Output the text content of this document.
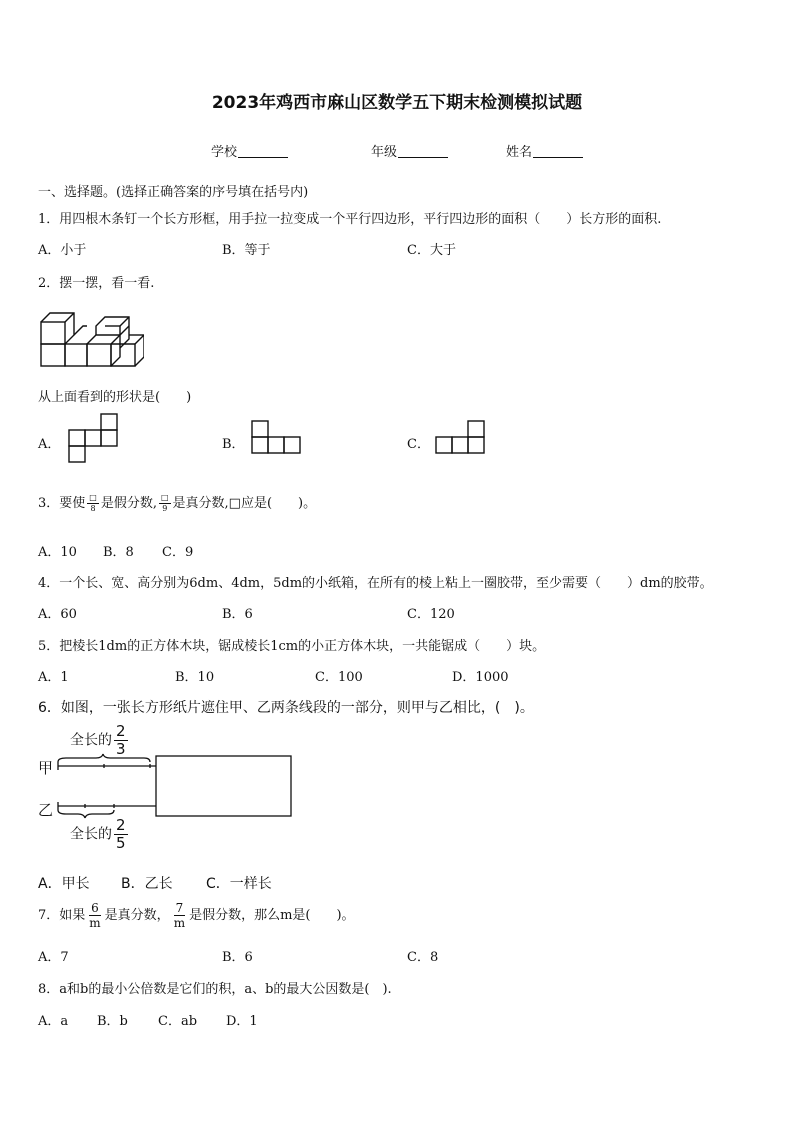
2023年鸡西市麻山区数学五下期末检测模拟试题
学校	年级	姓名
一、选择题。(选择正确答案的序号填在括号内)
1．用四根木条钉一个长方形框，用手拉一拉变成一个平行四边形，平行四边形的面积（　　）长方形的面积.
A．小于	B．等于	C．大于
2．摆一摆，看一看.
从上面看到的形状是(　　)
A．	B．	C．
3．要使 $\frac{□}{8}$ 是假分数, $\frac{□}{9}$ 是真分数,□应是(　　)。
A．10 B．8 C．9
4．一个长、宽、高分别为6dm、4dm，5dm的小纸箱，在所有的棱上粘上一圈胶带，至少需要（　　）dm的胶带。
A．60	B．6	C．120
5．把棱长1dm的正方体木块，锯成棱长1cm的小正方体木块，一共能锯成（　　）块。
A．1	B．10	C．100	D．1000
6．如图，一张长方形纸片遮住甲、乙两条线段的一部分，则甲与乙相比，(　)。
全长的 $\frac{2}{3}$
甲
乙
全长的 $\frac{2}{5}$
A．甲长 B．乙长 C．一样长
7．如果 $\frac{6}{m}$ 是真分数， $\frac{7}{m}$ 是假分数，那么m是(　　)。
A．7	B．6	C．8
8．a和b的最小公倍数是它们的积，a、b的最大公因数是(　).
A．a B．b C．ab D．1
